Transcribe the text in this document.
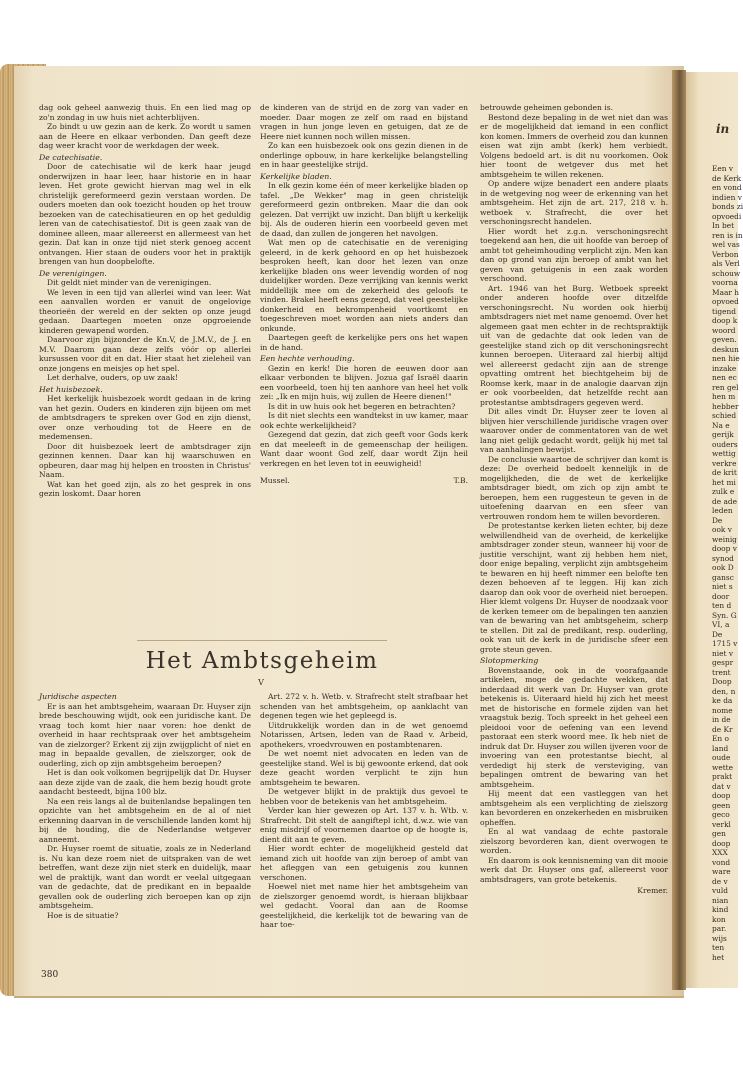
dag ook geheel aanwezig thuis. En een lied mag op zo'n zondag in uw huis niet achterblijven.

Zo bindt u uw gezin aan de kerk. Zo wordt u samen aan de Heere en elkaar verbonden. Dan geeft deze dag weer kracht voor de werkdagen der week.

De catechisatie.

Door de catechisatie wil de kerk haar jeugd onderwijzen in haar leer, haar historie en in haar leven. Het grote gewicht hiervan mag wel in elk christelijk gereformeerd gezin verstaan worden. De ouders moeten dan ook toezicht houden op het trouw bezoeken van de catechisatieuren en op het geduldig leren van de catechisatiestof. Dit is geen zaak van de dominee alleen, maar allereerst en allermeest van het gezin. Dat kan in onze tijd niet sterk genoeg accent ontvangen. Hier staan de ouders voor het in praktijk brengen van hun doopbelofte.

De verenigingen.

Dit geldt niet minder van de verenigingen.

We leven in een tijd van allerlei wind van leer. Wat een aanvallen worden er vanuit de ongelovige theorieën der wereld en der sekten op onze jeugd gedaan. Daartegen moeten onze opgroeiende kinderen gewapend worden.

Daarvoor zijn bijzonder de Kn.V, de J.M.V., de J. en M.V. Daarom gaan deze zelfs vóór op allerlei kursussen voor dit en dat. Hier staat het zieleheil van onze jongens en meisjes op het spel.

Let derhalve, ouders, op uw zaak!

Het huisbezoek.

Het kerkelijk huisbezoek wordt gedaan in de kring van het gezin. Ouders en kinderen zijn bijeen om met de ambtsdragers te spreken over God en zijn dienst, over onze verhouding tot de Heere en de medemensen.

Door dit huisbezoek leert de ambtsdrager zijn gezinnen kennen. Daar kan hij waarschuwen en opbeuren, daar mag hij helpen en troosten in Christus' Naam.

Wat kan het goed zijn, als zo het gesprek in ons gezin loskomt. Daar horen

de kinderen van de strijd en de zorg van vader en moeder. Daar mogen ze zelf om raad en bijstand vragen in hun jonge leven en getuigen, dat ze de Heere niet kunnen noch willen missen.

Zo kan een huisbezoek ook ons gezin dienen in de onderlinge opbouw, in hare kerkelijke belangstelling en in haar geestelijke strijd.

Kerkelijke bladen.

In elk gezin kome één of meer kerkelijke bladen op tafel. „De Wekker" mag in geen christelijk gereformeerd gezin ontbreken. Maar die dan ook gelezen. Dat verrijkt uw inzicht. Dan blijft u kerkelijk bij. Als de ouderen hierin een voorbeeld geven met de daad, dan zullen de jongeren het navolgen.

Wat men op de catechisatie en de vereniging geleerd, in de kerk gehoord en op het huisbezoek besproken heeft, kan door het lezen van onze kerkelijke bladen ons weer levendig worden of nog duidelijker worden. Deze verrijking van kennis werkt middellijk mee om de zekerheid des geloofs te vinden. Brakel heeft eens gezegd, dat veel geestelijke donkerheid en bekrompenheid voortkomt en toegeschreven moet worden aan niets anders dan onkunde.

Daartegen geeft de kerkelijke pers ons het wapen in de hand.

Een hechte verhouding.

Gezin en kerk! Die horen de eeuwen door aan elkaar verbonden te blijven. Jozua gaf Israël daarin een voorbeeld, toen hij ten aanhore van heel het volk zei: „Ik en mijn huis, wij zullen de Heere dienen!"

Is dit in uw huis ook het begeren en betrachten?

Is dit niet slechts een wandtekst in uw kamer, maar ook echte werkelijkheid?

Gezegend dat gezin, dat zich geeft voor Gods kerk en dat meeleeft in de gemeenschap der heiligen. Want daar woont God zelf, daar wordt Zijn heil verkregen en het leven tot in eeuwigheid!

Mussel.	T.B.

betrouwde geheimen gebonden is.

Bestond deze bepaling in de wet niet dan was er de mogelijkheid dat iemand in een conflict kon komen. Immers de overheid zou dan kunnen eisen wat zijn ambt (kerk) hem verbiedt. Volgens bedoeld art. is dit nu voorkomen. Ook hier toont de wetgever dus met het ambtsgeheim te willen rekenen.

Op andere wijze benadert een andere plaats in de wetgeving nog weer de erkenning van het ambtsgeheim. Het zijn de art. 217, 218 v. h. wetboek v. Strafrecht, die over het verschoningsrecht handelen.

Hier wordt het z.g.n. verschoningsrecht toegekend aan hen, die uit hoofde van beroep of ambt tot geheimhouding verplicht zijn. Men kan dan op grond van zijn beroep of ambt van het geven van getuigenis in een zaak worden verschoond.

Art. 1946 van het Burg. Wetboek spreekt onder anderen hoofde over ditzelfde verschoningsrecht. Nu worden ook hierbij ambtsdragers niet met name genoemd. Over het algemeen gaat men echter in de rechtspraktijk uit van de gedachte dat ook leden van de geestelijke stand zich op dit verschoningsrecht kunnen beroepen. Uiteraard zal hierbij altijd wel allereerst gedacht zijn aan de strenge opvatting omtrent het biechtgeheim bij de Roomse kerk, maar in de analogie daarvan zijn er ook voorbeelden, dat hetzelfde recht aan protestantse ambtsdragers gegeven werd.

Dit alles vindt Dr. Huyser zeer te loven al blijven hier verschillende juridische vragen over waarover onder de commentatoren van de wet lang niet gelijk gedacht wordt, gelijk hij met tal van aanhalingen bewijst.

De conclusie waartoe de schrijver dan komt is deze: De overheid bedoelt kennelijk in de mogelijkheden, die de wet de kerkelijke ambtsdrager biedt, om zich op zijn ambt te beroepen, hem een ruggesteun te geven in de uitoefening daarvan en een sfeer van vertrouwen rondom hem te willen bevorderen.

De protestantse kerken lieten echter, bij deze welwillendheid van de overheid, de kerkelijke ambtsdrager zonder steun, wanneer hij voor de justitie verschijnt, want zij hebben hem niet, door enige bepaling, verplicht zijn ambtsgeheim te bewaren en hij heeft nimmer een belofte ten dezen behoeven af te leggen. Hij kan zich daarop dan ook voor de overheid niet beroepen. Hier klemt volgens Dr. Huyser de noodzaak voor de kerken temeer om de bepalingen ten aanzien van de bewaring van het ambtsgeheim, scherp te stellen. Dit zal de predikant, resp. ouderling, ook van uit de kerk in de juridische sfeer een grote steun geven.

Slotopmerking

Bovenstaande, ook in de voorafgaande artikelen, moge de gedachte wekken, dat inderdaad dit werk van Dr. Huyser van grote betekenis is. Uiteraard hield hij zich het meest met de historische en formele zijden van het vraagstuk bezig. Toch spreekt in het geheel een pleidooi voor de oefening van een levend pastoraat een sterk woord mee. Ik heb niet de indruk dat Dr. Huyser zou willen ijveren voor de invoering van een protestantse biecht, al verdedigt hij sterk de versteviging, van bepalingen omtrent de bewaring van het ambtsgeheim.

Hij meent dat een vastleggen van het ambtsgeheim als een verplichting de zielszorg kan bevorderen en onzekerheden en misbruiken opheffen.

En al wat vandaag de echte pastorale zielszorg bevorderen kan, dient overwogen te worden.

En daarom is ook kennisneming van dit mooie werk dat Dr. Huyser ons gaf, allereerst voor ambtsdragers, van grote betekenis.

Kremer.
Het Ambtsgeheim
V
Juridische aspecten

Er is aan het ambtsgeheim, waaraan Dr. Huyser zijn brede beschouwing wijdt, ook een juridische kant. De vraag toch komt hier naar voren: hoe denkt de overheid in haar rechtspraak over het ambtsgeheim van de zielzorger? Erkent zij zijn zwijgplicht of niet en mag in bepaalde gevallen, de zielszorger, ook de ouderling, zich op zijn ambtsgeheim beroepen?

Het is dan ook volkomen begrijpelijk dat Dr. Huyser aan deze zijde van de zaak, die hem bezig houdt grote aandacht besteedt, bijna 100 blz.

Na een reis langs al de buitenlandse bepalingen ten opzichte van het ambtsgeheim en de al of niet erkenning daarvan in de verschillende landen komt hij bij de houding, die de Nederlandse wetgever aanneemt.

Dr. Huyser roemt de situatie, zoals ze in Nederland is. Nu kan deze roem niet de uitspraken van de wet betreffen, want deze zijn niet sterk en duidelijk, maar wel de praktijk, want dan wordt er veelal uitgegaan van de gedachte, dat de predikant en in bepaalde gevallen ook de ouderling zich beroepen kan op zijn ambtsgeheim.

Hoe is de situatie?

Art. 272 v. h. Wetb. v. Strafrecht stelt strafbaar het schenden van het ambtsgeheim, op aanklacht van degenen tegen wie het gepleegd is.

Uitdrukkelijk worden dan in de wet genoemd Notarissen, Artsen, leden van de Raad v. Arbeid, apothekers, vroedvrouwen en postambtenaren.

De wet noemt niet advocaten en leden van de geestelijke stand. Wel is bij gewoonte erkend, dat ook deze geacht worden verplicht te zijn hun ambtsgeheim te bewaren.

De wetgever blijkt in de praktijk dus gevoel te hebben voor de betekenis van het ambtsgeheim.

Verder kan hier gewezen op Art. 137 v. h. Wtb. v. Strafrecht. Dit stelt de aangiftepl icht, d.w.z. wie van enig misdrijf of voornemen daartoe op de hoogte is, dient dit aan te geven.

Hier wordt echter de mogelijkheid gesteld dat iemand zich uit hoofde van zijn beroep of ambt van het afleggen van een getuigenis zou kunnen verschonen.

Hoewel niet met name hier het ambtsgeheim van de zielszorger genoemd wordt, is hieraan blijkbaar wel gedacht. Vooral dan aan de Roomse geestelijkheid, die kerkelijk tot de bewaring van de haar toe-

380
in
Een v
de Kerk
en vond
indien v
bonds zi
opvoedi
In bet
ren is in
wel vas
Verbon
als Verl
schouw
voorna
Maar h
opvoed
tigend
doop k
woord
geven.
deskun
nen hie
inzake
nen ec
ren gel
hen m
hebber
schied
Na e
gerijk
ouders
wettig
verkre
de krit
het mi
zulk e
de ade
leden
De
ook v
weinig
doop v
synod
ook D
gansc
niet s
door
ten d
Syn. G
VI, a
De
1715 v
niet v
gespr
trent
Doop
den, n
ke da
nome
in de
de Kr
En o
land
oude
wette
prakt
dat v
doop
geen
geco
verkl
gen
doop
XXX
vond
ware
de v
vuld
nian
kind
kon
par.
wijs
ten
het
